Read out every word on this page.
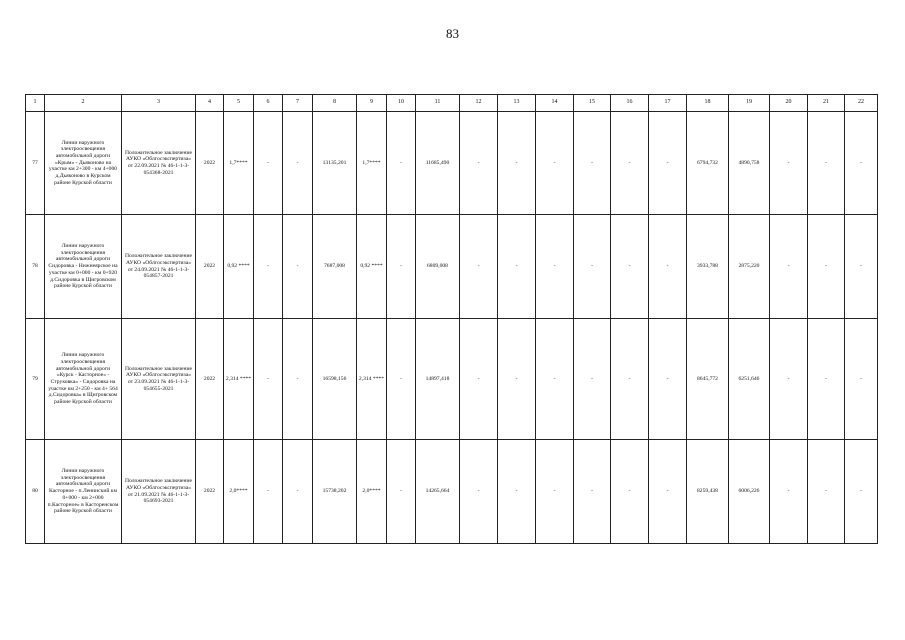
83
1	2	3	4	5	6	7	8	9	10	11	12	13	14	15	16	17	18	19	20	21	22
77	Линии наружного электроосвещения автомобильной дороги «Крым» - Дьяконово на участке км 2+300 - км 4+000 д.Дьяконово в Курском районе Курской области	Положительное заключение АУКО «Облгосэкспертиза» от 22.09.2021 № 46-1-1-3-054368-2021	2022	1,7****	-	-	13135,201	1,7****	-	11685,490	-	-	-	-	-	-	6794,732	4890,758	-	-	-
78	Линии наружного электроосвещения автомобильной дороги Сидоровка - Нижнеярское на участке км 0+000 - км 0+920 д.Сидоровка в Щигровском районе Курской области	Положительное заключение АУКО «Облгосэкспертиза» от 24.09.2021 № 46-1-1-3-054857-2021	2022	0,92 ****	-	-	7687,008	0,92 ****	-	6809,008	-	-	-	-	-	-	3933,788	2875,220	-	-	-
79	Линии наружного электроосвещения автомобильной дороги «Курск - Касторное» - Струковка» - Сидоровка на участке км 2+250 - км 4+ 564 д.Сидоровка» в Щигровском районе Курской области	Положительное заключение АУКО «Облгосэкспертиза» от 23.09.2021 № 46-1-1-3-054655-2021	2022	2,314 ****	-	-	16598,156	2,314 ****	-	14897,418	-	-	-	-	-	-	8645,772	6251,646	-	-	-
80	Линии наружного электроосвещения автомобильной дороги Касторное - п.Ленинский км 0+000 - км 2+000 п.Касторное» в Касторенском районе Курской области	Положительное заключение АУКО «Облгосэкспертиза» от 21.09.2021 № 46-1-1-3-054693-2021	2022	2,0****	-	-	15738,202	2,0****	-	14265,664	-	-	-	-	-	-	8259,438	6006,226	-	-	-
